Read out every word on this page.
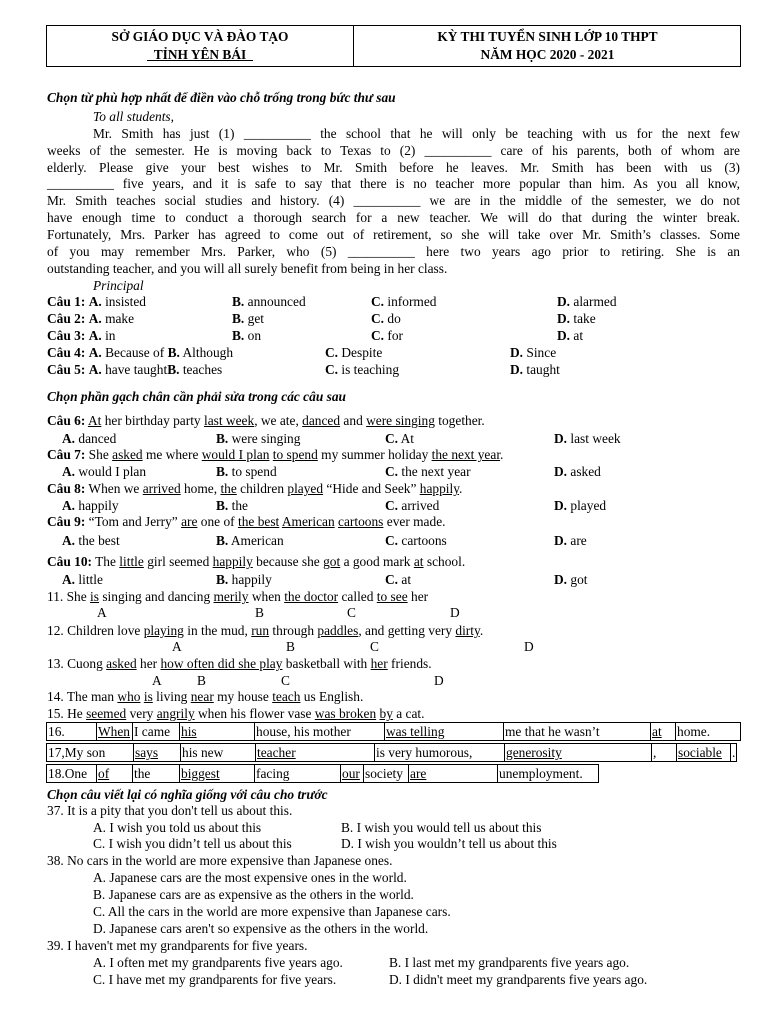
SỞ GIÁO DỤC VÀ ĐÀO TẠO
TỈNH YÊN BÁI
KỲ THI TUYỂN SINH LỚP 10 THPT
NĂM HỌC 2020 - 2021
Chọn từ phù hợp nhất để điền vào chỗ trống trong bức thư sau
To all students,
Mr. Smith has just (1) __________ the school that he will only be teaching with us for the next few
weeks of the semester. He is moving back to Texas to (2) __________ care of his parents, both of whom are
elderly. Please give your best wishes to Mr. Smith before he leaves. Mr. Smith has been with us (3)
__________ five years, and it is safe to say that there is no teacher more popular than him. As you all know,
Mr. Smith teaches social studies and history. (4) __________ we are in the middle of the semester, we do not
have enough time to conduct a thorough search for a new teacher. We will do that during the winter break.
Fortunately, Mrs. Parker has agreed to come out of retirement, so she will take over Mr. Smith’s classes. Some
of you may remember Mrs. Parker, who (5) __________ here two years ago prior to retiring. She is an
outstanding teacher, and you will all surely benefit from being in her class.
Principal
Câu 1: A. insisted	B. announced	C. informed	D. alarmed
Câu 2: A. make	B. get	C. do	D. take
Câu 3: A. in	B. on	C. for	D. at
Câu 4: A. Because of B. Although	C. Despite	D. Since
Câu 5: A. have taughtB. teaches	C. is teaching	D. taught
Chọn phần gạch chân cần phải sửa trong các câu sau
Câu 6: At her birthday party last week, we ate, danced and were singing together.
A. danced	B. were singing	C. At	D. last week
Câu 7: She asked me where would I plan to spend my summer holiday the next year.
A. would I plan	B. to spend	C. the next year	D. asked
Câu 8: When we arrived home, the children played “Hide and Seek” happily.
A. happily	B. the	C. arrived	D. played
Câu 9: “Tom and Jerry” are one of the best American cartoons ever made.
A. the best	B. American	C. cartoons	D. are
Câu 10: The little girl seemed happily because she got a good mark at school.
A. little	B. happily	C. at	D. got
11. She is singing and dancing merily when the doctor called to see her
A	B	C	D
12. Children love playing in the mud, run through paddles, and getting very dirty.
A	B	C	D
13. Cuong asked her how often did she play basketball with her friends.
A	B	C	D
14. The man who is living near my house teach us English.
15. He seemed very angrily when his flower vase was broken by a cat.
16.	When	I came	his	house, his mother	was telling	me that he wasn’t	at	home.
17,My son	says	his new	teacher	is very humorous,	generosity	,	sociable	.
18.One	of	the	biggest	facing	our	society	are	unemployment.
Chọn câu viết lại có nghĩa giống với câu cho trước
37. It is a pity that you don't tell us about this.
A. I wish you told us about this	B. I wish you would tell us about this
C. I wish you didn’t tell us about this	D. I wish you wouldn’t tell us about this
38. No cars in the world are more expensive than Japanese ones.
A. Japanese cars are the most expensive ones in the world.
B. Japanese cars are as expensive as the others in the world.
C. All the cars in the world are more expensive than Japanese cars.
D. Japanese cars aren't so expensive as the others in the world.
39. I haven't met my grandparents for five years.
A. I often met my grandparents five years ago.	B. I last met my grandparents five years ago.
C. I have met my grandparents for five years.	D. I didn't meet my grandparents five years ago.
